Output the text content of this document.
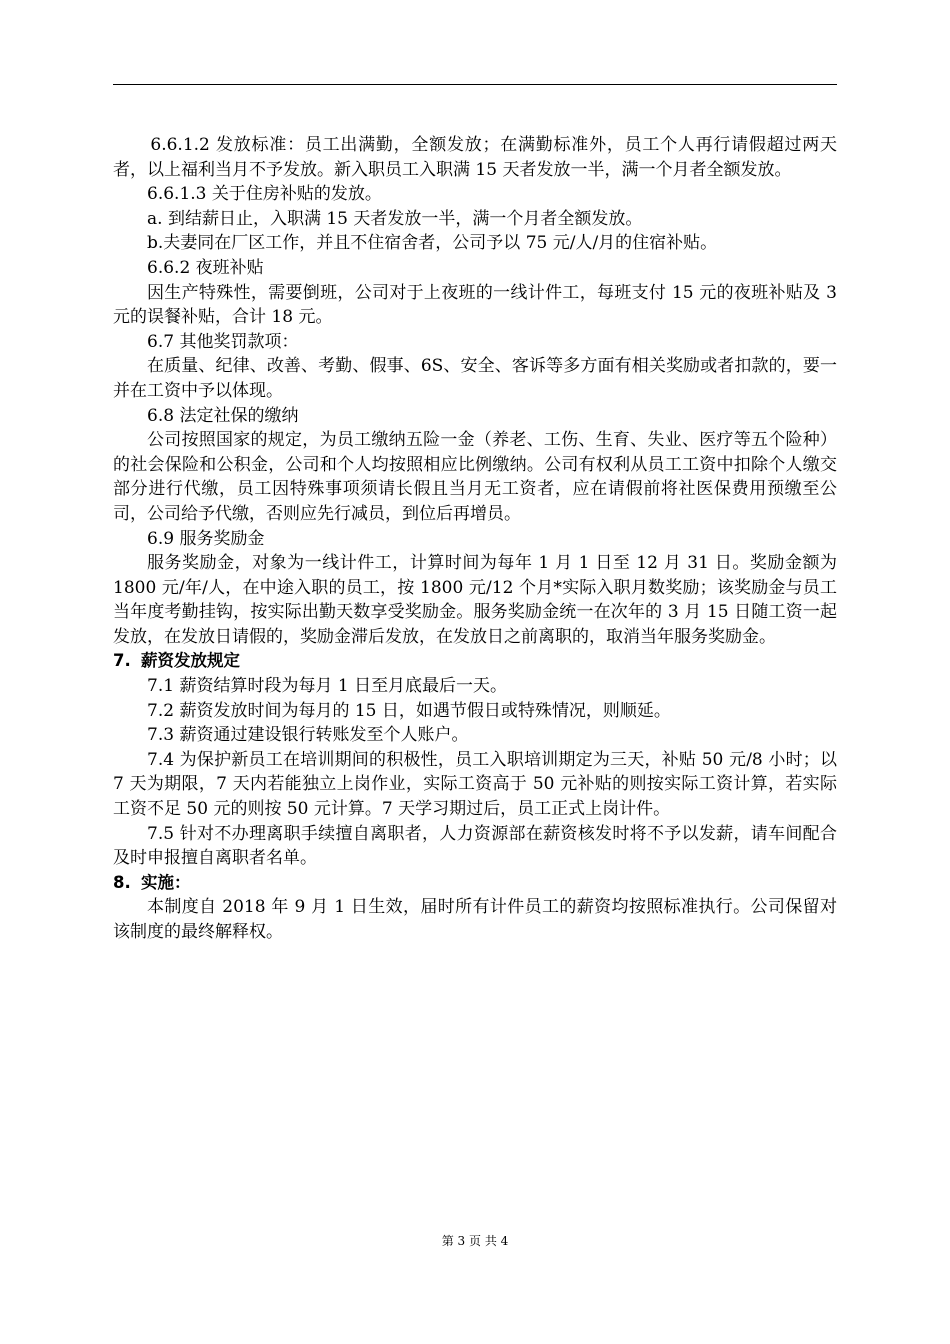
6.6.1.2 发放标准：员工出满勤，全额发放；在满勤标准外，员工个人再行请假超过两天者，以上福利当月不予发放。新入职员工入职满 15 天者发放一半，满一个月者全额发放。

6.6.1.3 关于住房补贴的发放。

a. 到结薪日止，入职满 15 天者发放一半，满一个月者全额发放。

b.夫妻同在厂区工作，并且不住宿舍者，公司予以 75 元/人/月的住宿补贴。

6.6.2 夜班补贴

因生产特殊性，需要倒班，公司对于上夜班的一线计件工，每班支付 15 元的夜班补贴及 3 元的误餐补贴，合计 18 元。

6.7 其他奖罚款项：

在质量、纪律、改善、考勤、假事、6S、安全、客诉等多方面有相关奖励或者扣款的，要一并在工资中予以体现。

6.8 法定社保的缴纳

公司按照国家的规定，为员工缴纳五险一金（养老、工伤、生育、失业、医疗等五个险种）的社会保险和公积金，公司和个人均按照相应比例缴纳。公司有权利从员工工资中扣除个人缴交部分进行代缴，员工因特殊事项须请长假且当月无工资者，应在请假前将社医保费用预缴至公司，公司给予代缴，否则应先行减员，到位后再增员。

6.9 服务奖励金

服务奖励金，对象为一线计件工，计算时间为每年 1 月 1 日至 12 月 31 日。奖励金额为 1800 元/年/人，在中途入职的员工，按 1800 元/12 个月*实际入职月数奖励；该奖励金与员工当年度考勤挂钩，按实际出勤天数享受奖励金。服务奖励金统一在次年的 3 月 15 日随工资一起发放，在发放日请假的，奖励金滞后发放，在发放日之前离职的，取消当年服务奖励金。

7. 薪资发放规定

7.1 薪资结算时段为每月 1 日至月底最后一天。

7.2 薪资发放时间为每月的 15 日，如遇节假日或特殊情况，则顺延。

7.3 薪资通过建设银行转账发至个人账户。

7.4 为保护新员工在培训期间的积极性，员工入职培训期定为三天，补贴 50 元/8 小时；以 7 天为期限，7 天内若能独立上岗作业，实际工资高于 50 元补贴的则按实际工资计算，若实际工资不足 50 元的则按 50 元计算。7 天学习期过后，员工正式上岗计件。

7.5 针对不办理离职手续擅自离职者，人力资源部在薪资核发时将不予以发薪，请车间配合及时申报擅自离职者名单。

8. 实施：

本制度自 2018 年 9 月 1 日生效，届时所有计件员工的薪资均按照标准执行。公司保留对该制度的最终解释权。

第 3 页 共 4
